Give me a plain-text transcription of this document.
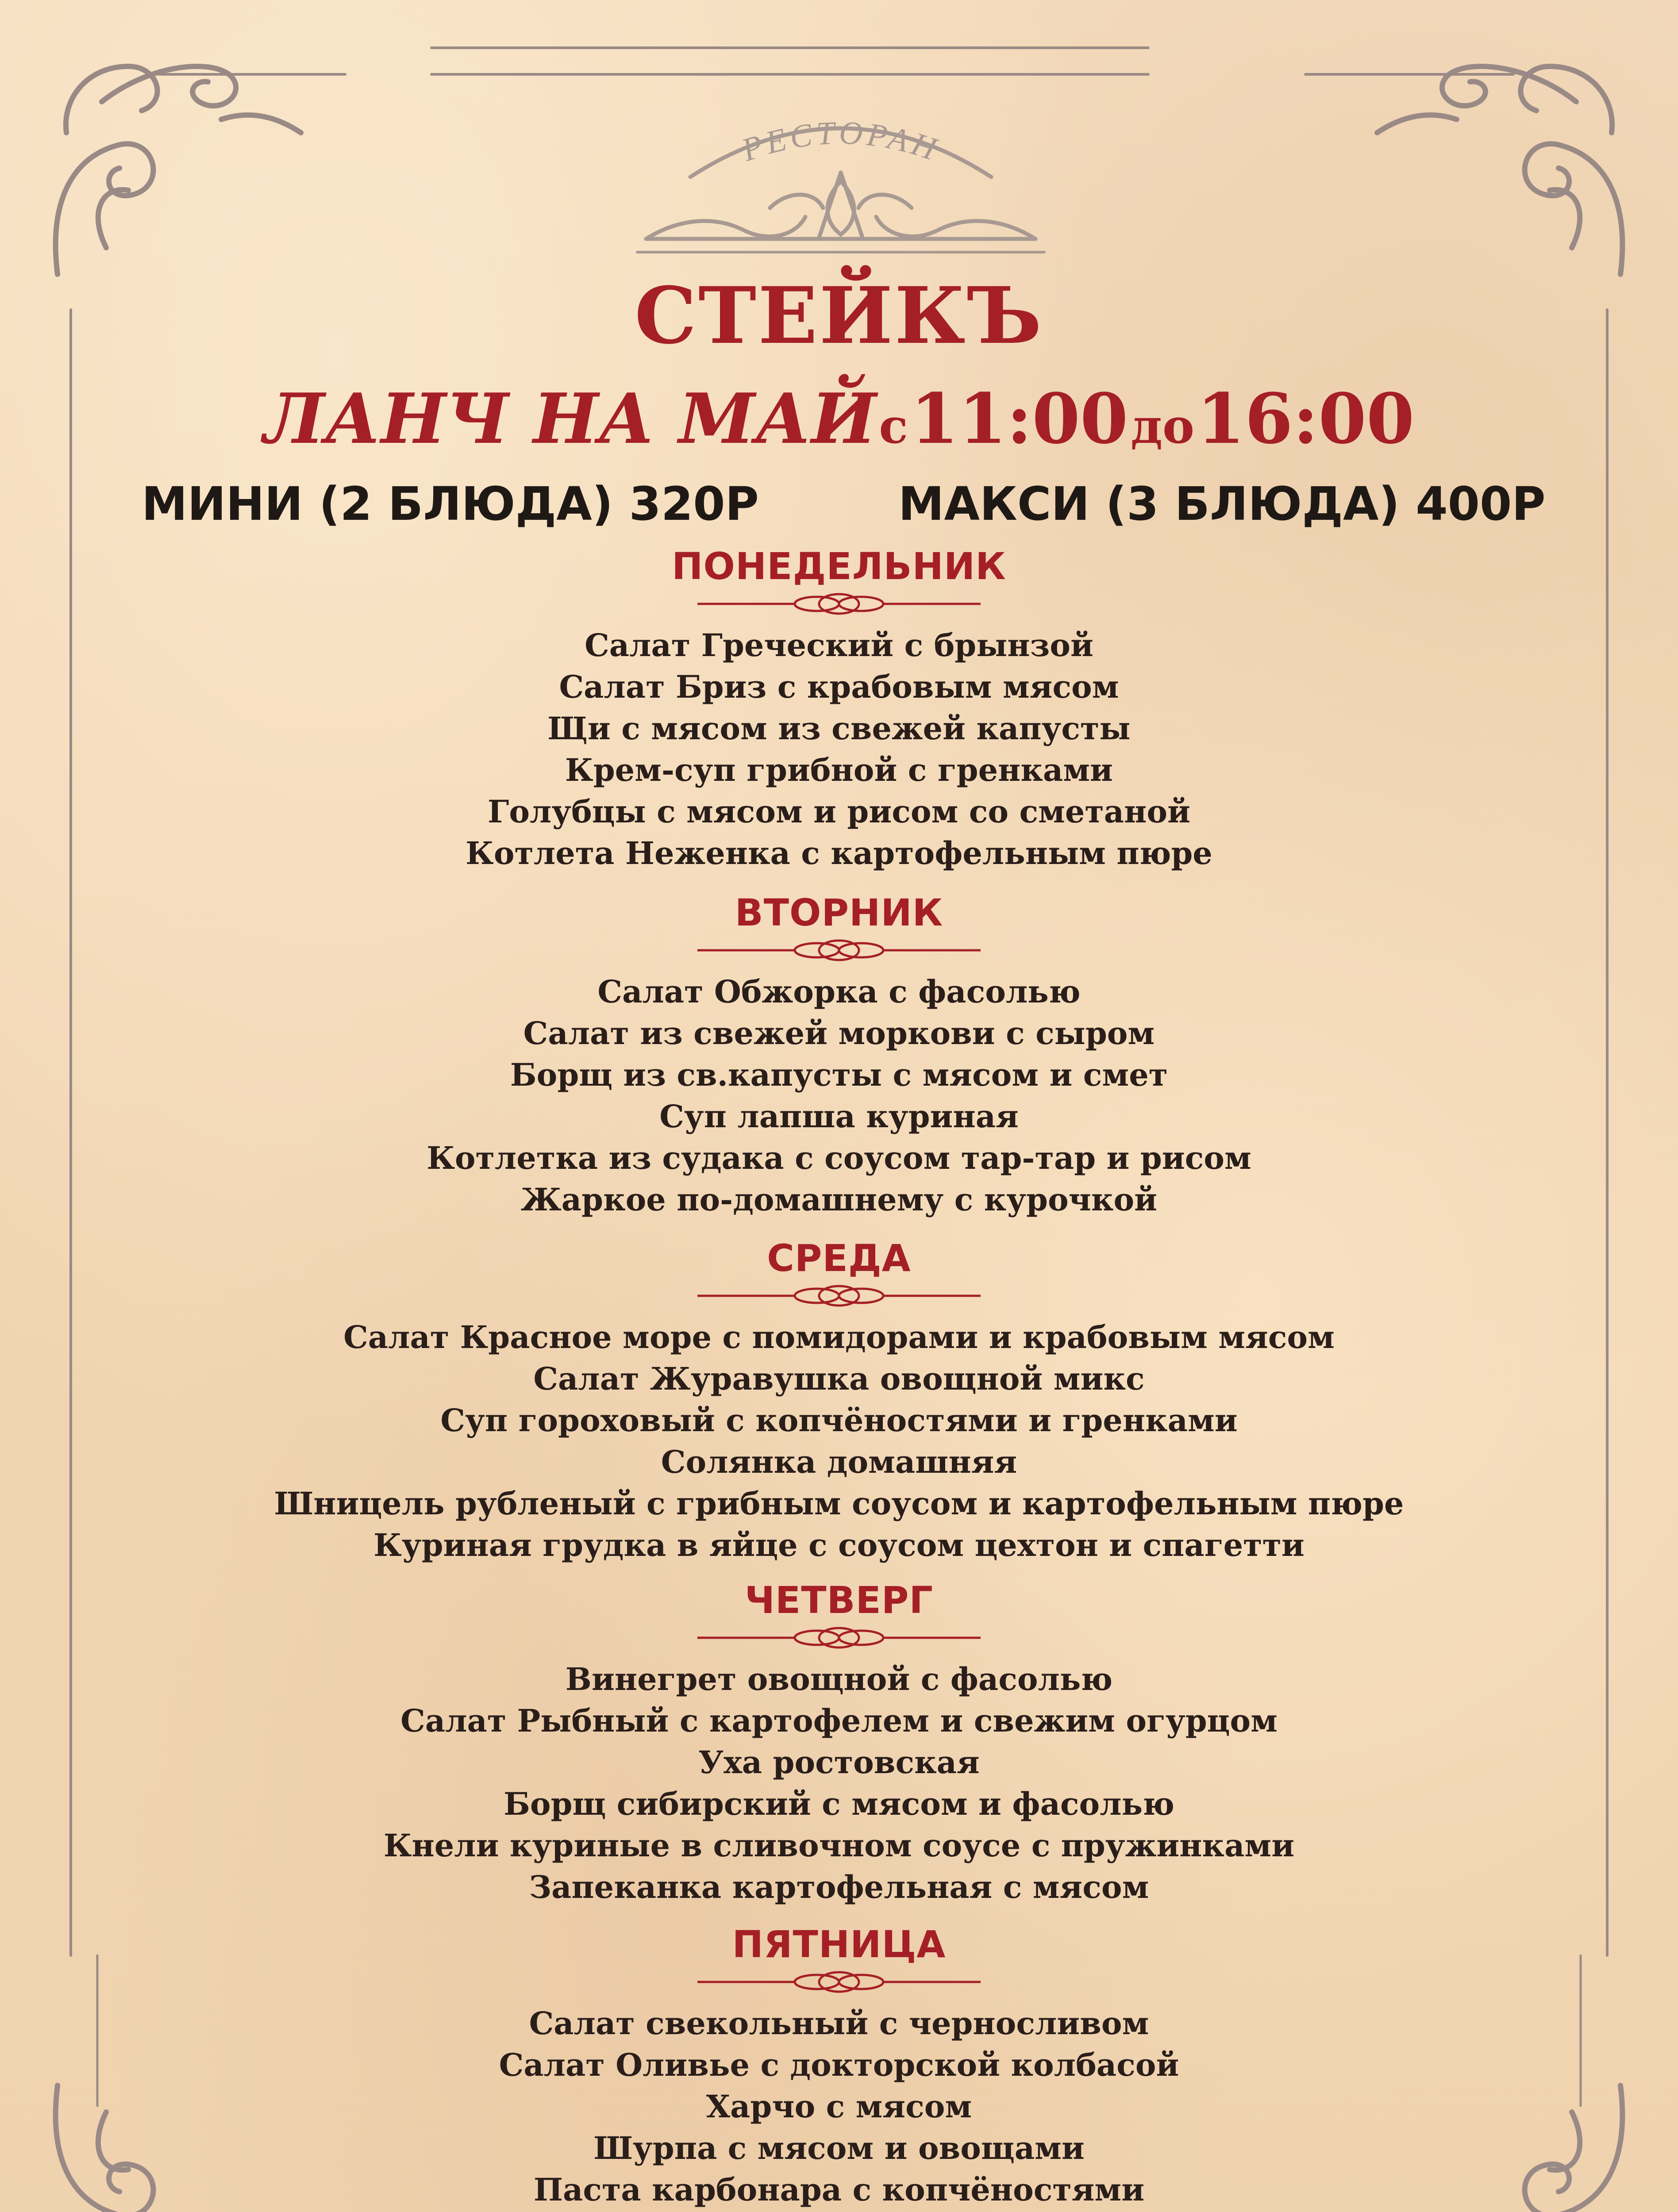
РЕСТОРАН
СТЕЙКЪ
ЛАНЧ НА МАЙ с 11:00 до 16:00
МИНИ (2 БЛЮДА) 320Р	МАКСИ (3 БЛЮДА) 400Р
ПОНЕДЕЛЬНИК
Салат Греческий с брынзой
Салат Бриз с крабовым мясом
Щи с мясом из свежей капусты
Крем-суп грибной с гренками
Голубцы с мясом и рисом со сметаной
Котлета Неженка с картофельным пюре
ВТОРНИК
Салат Обжорка с фасолью
Салат из свежей моркови с сыром
Борщ из св.капусты с мясом и смет
Суп лапша куриная
Котлетка из судака с соусом тар-тар и рисом
Жаркое по-домашнему с курочкой
СРЕДА
Салат Красное море с помидорами и крабовым мясом
Салат Журавушка овощной микс
Суп гороховый с копчёностями и гренками
Солянка домашняя
Шницель рубленый с грибным соусом и картофельным пюре
Куриная грудка в яйце с соусом цехтон и спагетти
ЧЕТВЕРГ
Винегрет овощной с фасолью
Салат Рыбный с картофелем и свежим огурцом
Уха ростовская
Борщ сибирский с мясом и фасолью
Кнели куриные в сливочном соусе с пружинками
Запеканка картофельная с мясом
ПЯТНИЦА
Салат свекольный с черносливом
Салат Оливье с докторской колбасой
Харчо с мясом
Шурпа с мясом и овощами
Паста карбонара с копчёностями
